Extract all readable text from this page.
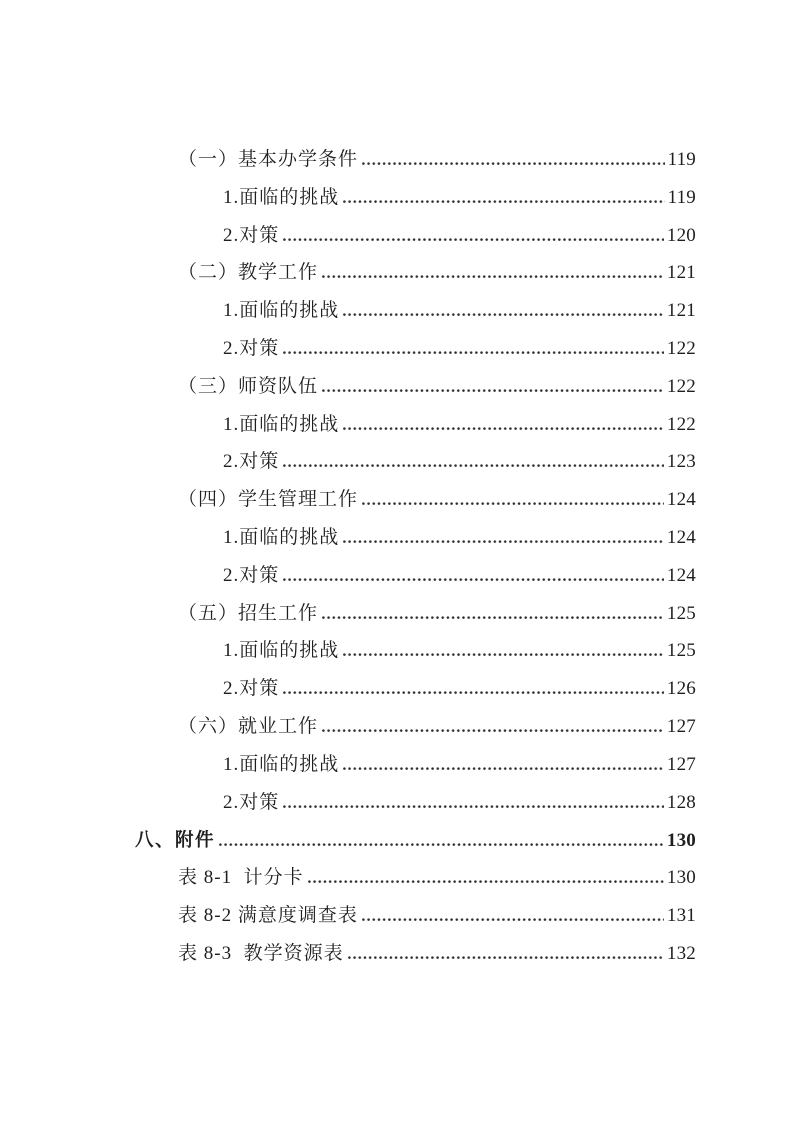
（一）基本办学条件	119
1.面临的挑战	119
2.对策	120
（二）教学工作	121
1.面临的挑战	121
2.对策	122
（三）师资队伍	122
1.面临的挑战	122
2.对策	123
（四）学生管理工作	124
1.面临的挑战	124
2.对策	124
（五）招生工作	125
1.面临的挑战	125
2.对策	126
（六）就业工作	127
1.面临的挑战	127
2.对策	128
八、附件	130
表 8-1  计分卡	130
表 8-2 满意度调查表	131
表 8-3  教学资源表	132
